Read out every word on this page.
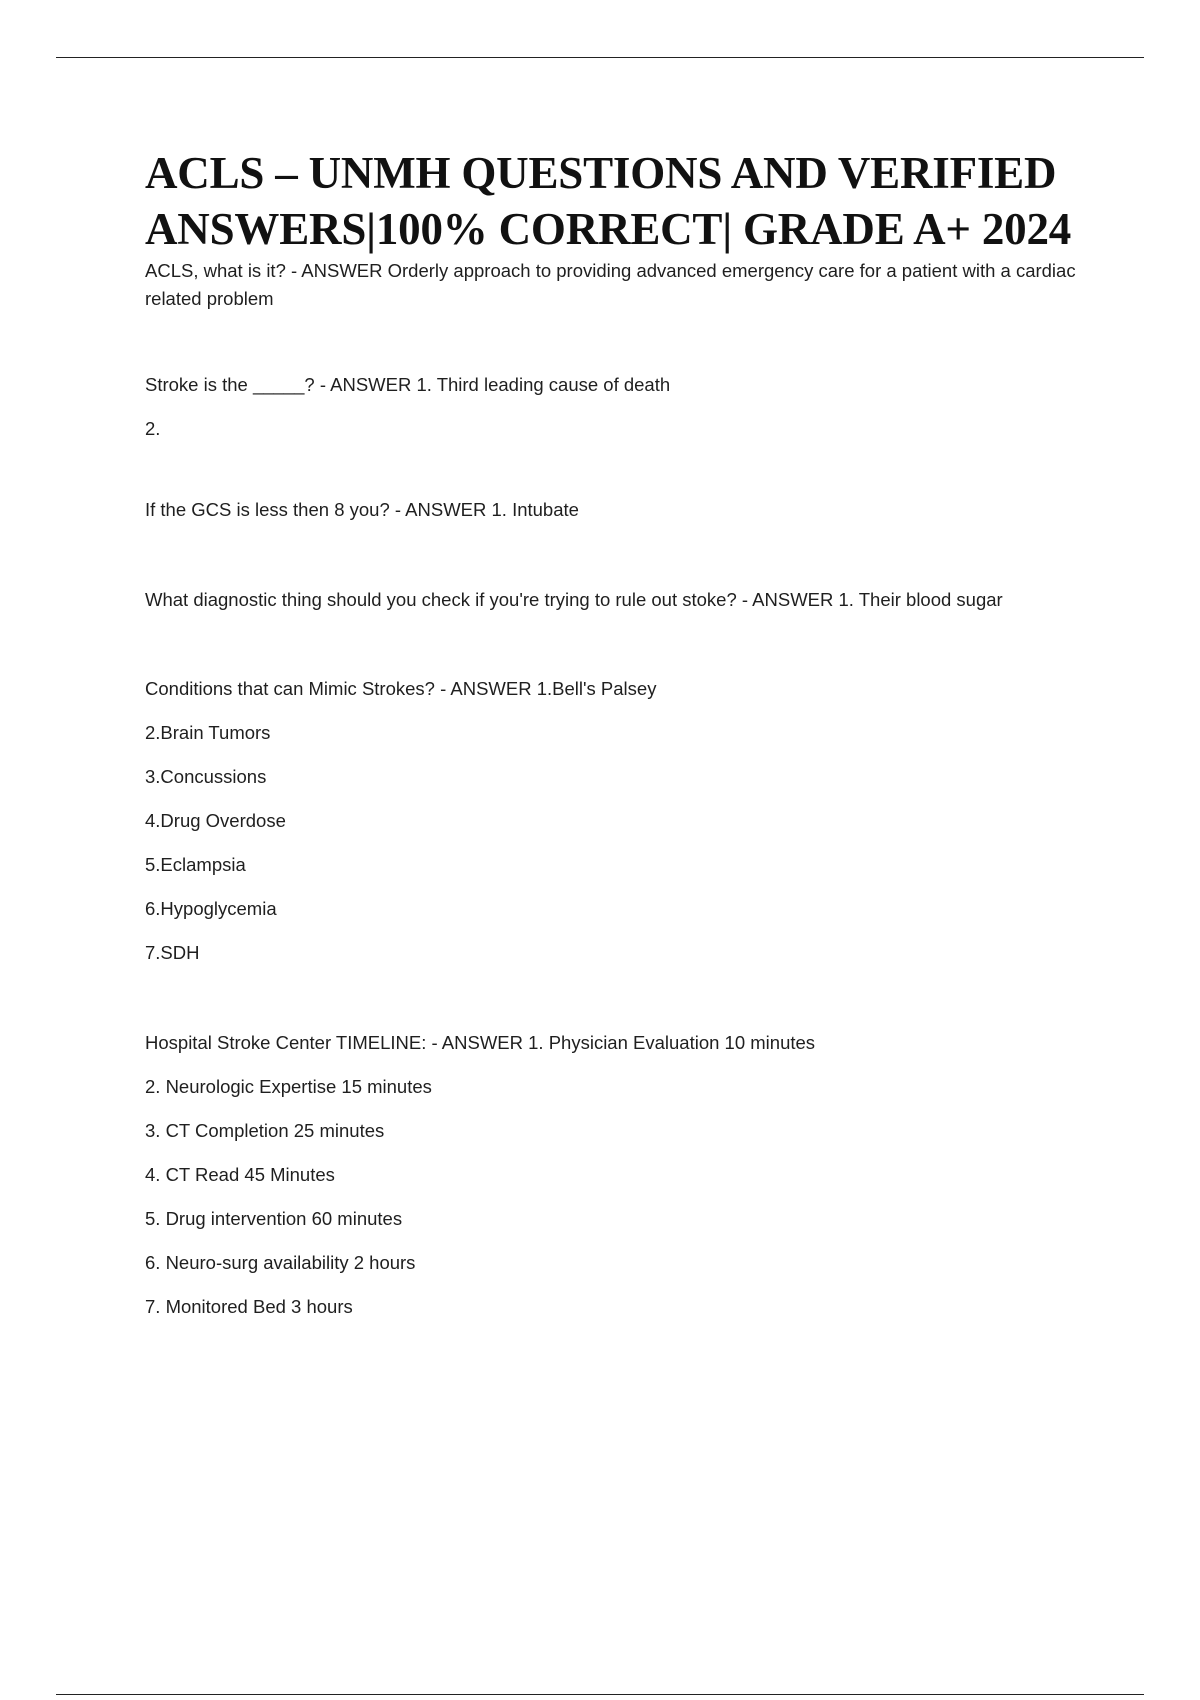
ACLS – UNMH QUESTIONS AND VERIFIED ANSWERS|100% CORRECT| GRADE A+ 2024

ACLS, what is it? - ANSWER Orderly approach to providing advanced emergency care for a patient with a cardiac related problem

Stroke is the _____? - ANSWER 1. Third leading cause of death

2.

If the GCS is less then 8 you? - ANSWER 1. Intubate

What diagnostic thing should you check if you're trying to rule out stoke? - ANSWER 1. Their blood sugar

Conditions that can Mimic Strokes? - ANSWER 1.Bell's Palsey

2.Brain Tumors

3.Concussions

4.Drug Overdose

5.Eclampsia

6.Hypoglycemia

7.SDH

Hospital Stroke Center TIMELINE: - ANSWER 1. Physician Evaluation 10 minutes

2. Neurologic Expertise 15 minutes

3. CT Completion 25 minutes

4. CT Read 45 Minutes

5. Drug intervention 60 minutes

6. Neuro-surg availability 2 hours

7. Monitored Bed 3 hours
